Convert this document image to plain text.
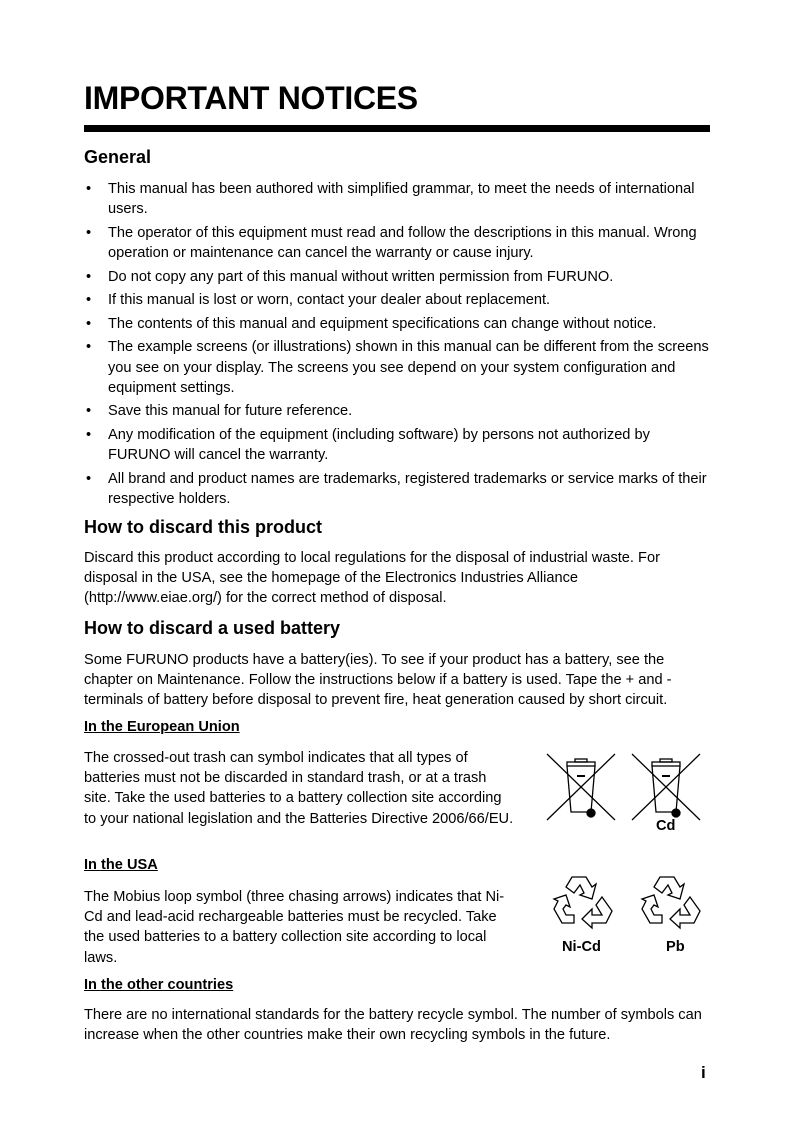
IMPORTANT NOTICES
General
• This manual has been authored with simplified grammar, to meet the needs of international users.
• The operator of this equipment must read and follow the descriptions in this manual. Wrong operation or maintenance can cancel the warranty or cause injury.
• Do not copy any part of this manual without written permission from FURUNO.
• If this manual is lost or worn, contact your dealer about replacement.
• The contents of this manual and equipment specifications can change without notice.
• The example screens (or illustrations) shown in this manual can be different from the screens you see on your display. The screens you see depend on your system configuration and equipment settings.
• Save this manual for future reference.
• Any modification of the equipment (including software) by persons not authorized by FURUNO will cancel the warranty.
• All brand and product names are trademarks, registered trademarks or service marks of their respective holders.
How to discard this product

Discard this product according to local regulations for the disposal of industrial waste. For disposal in the USA, see the homepage of the Electronics Industries Alliance (http://www.eiae.org/) for the correct method of disposal.

How to discard a used battery

Some FURUNO products have a battery(ies). To see if your product has a battery, see the chapter on Maintenance. Follow the instructions below if a battery is used. Tape the + and - terminals of battery before disposal to prevent fire, heat generation caused by short circuit.

In the European Union

The crossed-out trash can symbol indicates that all types of batteries must not be discarded in standard trash, or at a trash site. Take the used batteries to a battery collection site according to your national legislation and the Batteries Directive 2006/66/EU.	Cd
In the USA

The Mobius loop symbol (three chasing arrows) indicates that Ni-Cd and lead-acid rechargeable batteries must be recycled. Take the used batteries to a battery collection site according to local laws.

Ni-Cd	Pb
In the other countries

There are no international standards for the battery recycle symbol. The number of symbols can increase when the other countries make their own recycling symbols in the future.

i
